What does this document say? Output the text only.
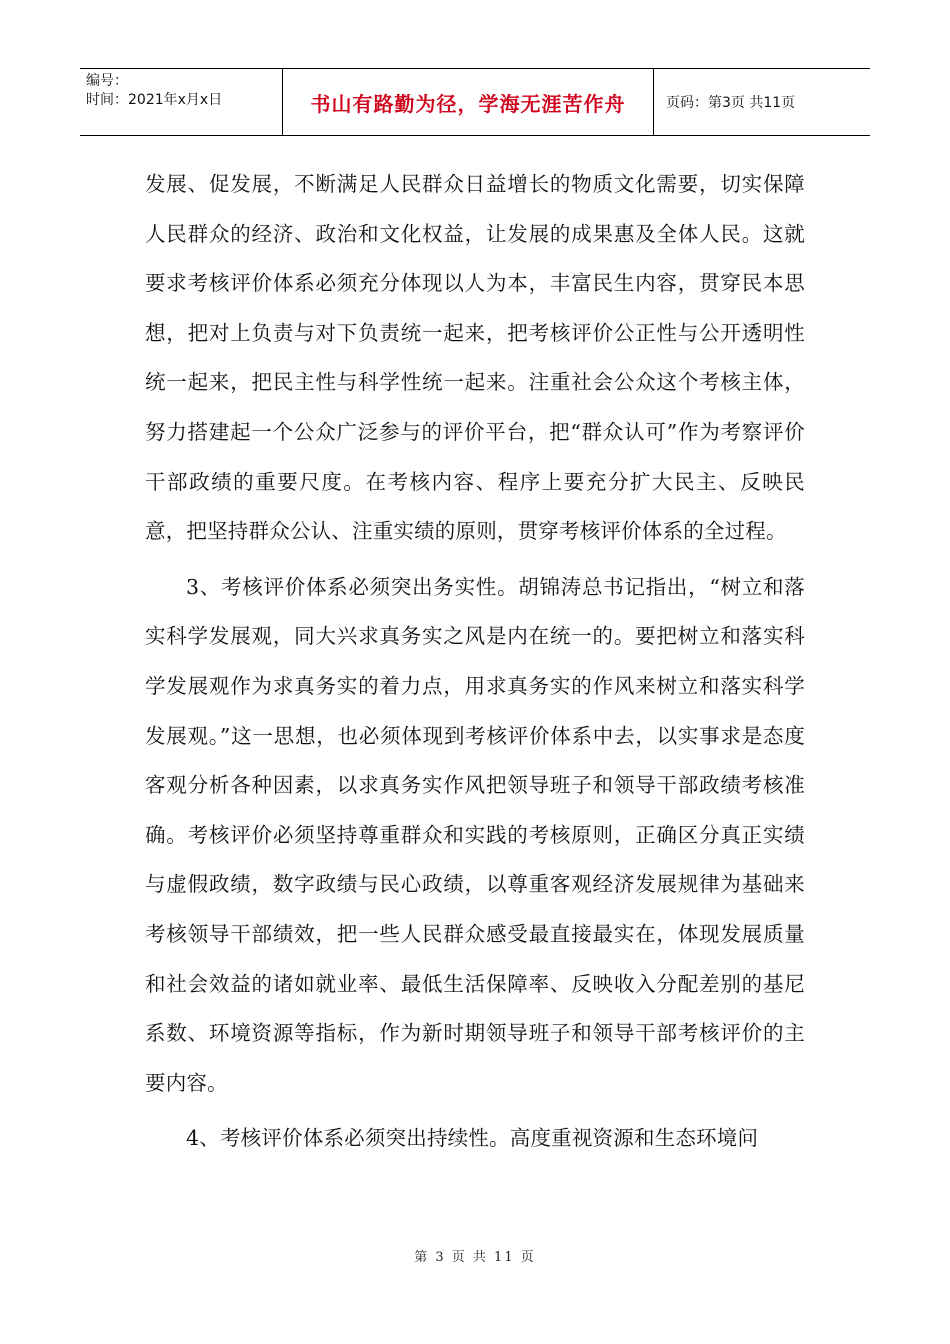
编号：
时间：2021年x月x日	书山有路勤为径，学海无涯苦作舟	页码：第3页 共11页

发展、促发展，不断满足人民群众日益增长的物质文化需要，切实保障人民群众的经济、政治和文化权益，让发展的成果惠及全体人民。这就要求考核评价体系必须充分体现以人为本，丰富民生内容，贯穿民本思想，把对上负责与对下负责统一起来，把考核评价公正性与公开透明性统一起来，把民主性与科学性统一起来。注重社会公众这个考核主体，努力搭建起一个公众广泛参与的评价平台，把“群众认可”作为考察评价干部政绩的重要尺度。在考核内容、程序上要充分扩大民主、反映民意，把坚持群众公认、注重实绩的原则，贯穿考核评价体系的全过程。

3、考核评价体系必须突出务实性。胡锦涛总书记指出，“树立和落实科学发展观，同大兴求真务实之风是内在统一的。要把树立和落实科学发展观作为求真务实的着力点，用求真务实的作风来树立和落实科学发展观。”这一思想，也必须体现到考核评价体系中去，以实事求是态度客观分析各种因素，以求真务实作风把领导班子和领导干部政绩考核准确。考核评价必须坚持尊重群众和实践的考核原则，正确区分真正实绩与虚假政绩，数字政绩与民心政绩，以尊重客观经济发展规律为基础来考核领导干部绩效，把一些人民群众感受最直接最实在，体现发展质量和社会效益的诸如就业率、最低生活保障率、反映收入分配差别的基尼系数、环境资源等指标，作为新时期领导班子和领导干部考核评价的主要内容。

4、考核评价体系必须突出持续性。高度重视资源和生态环境问

第 3 页 共 11 页
